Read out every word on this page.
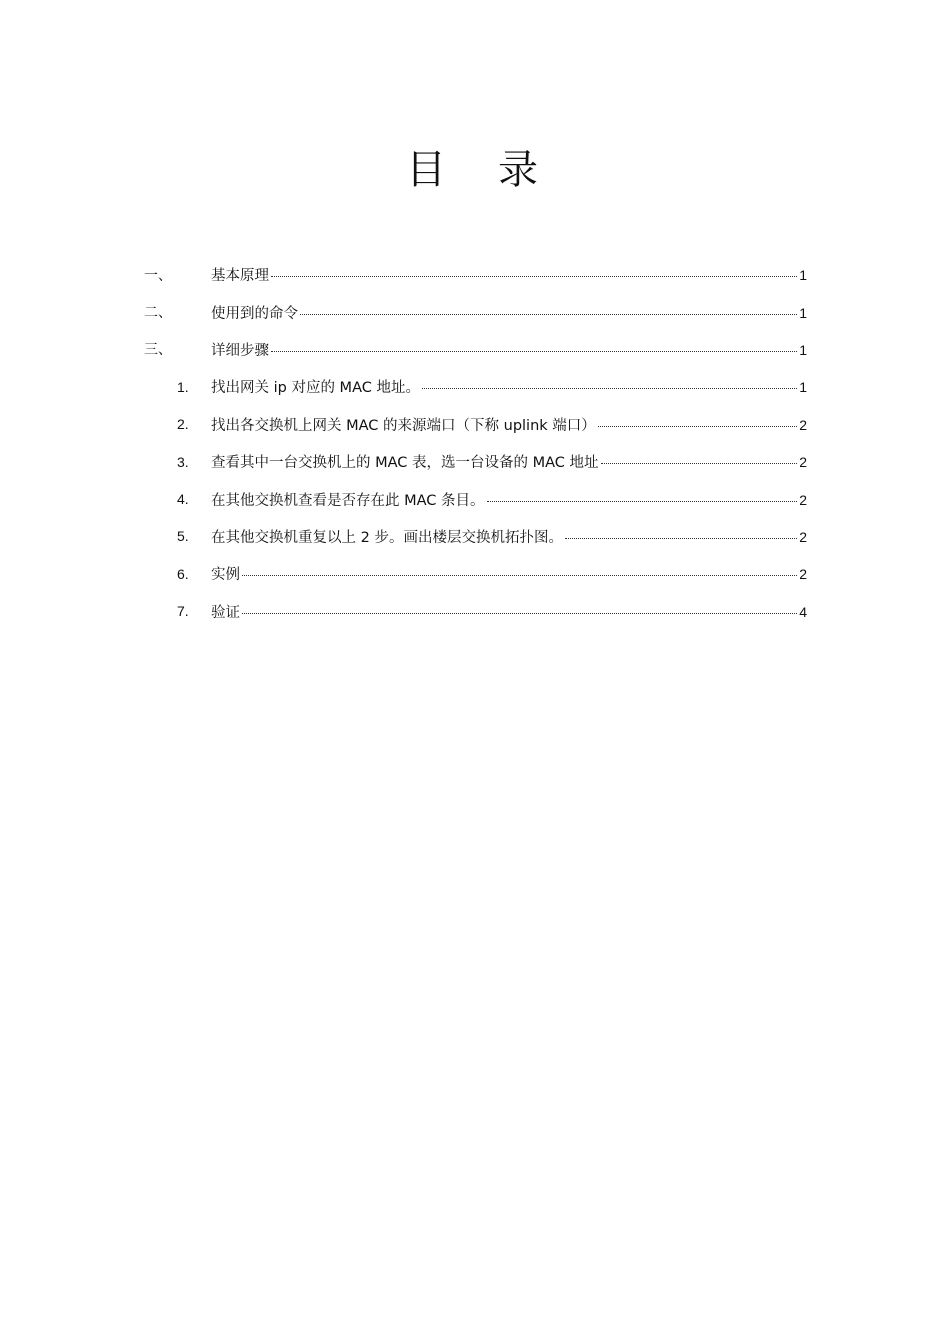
目　录
一、	基本原理	1
二、	使用到的命令	1
三、	详细步骤	1
1.	找出网关 ip 对应的 MAC 地址。	1
2.	找出各交换机上网关 MAC 的来源端口（下称 uplink 端口）	2
3.	查看其中一台交换机上的 MAC 表，选一台设备的 MAC 地址	2
4.	在其他交换机查看是否存在此 MAC 条目。	2
5.	在其他交换机重复以上 2 步。画出楼层交换机拓扑图。	2
6.	实例	2
7.	验证	4
